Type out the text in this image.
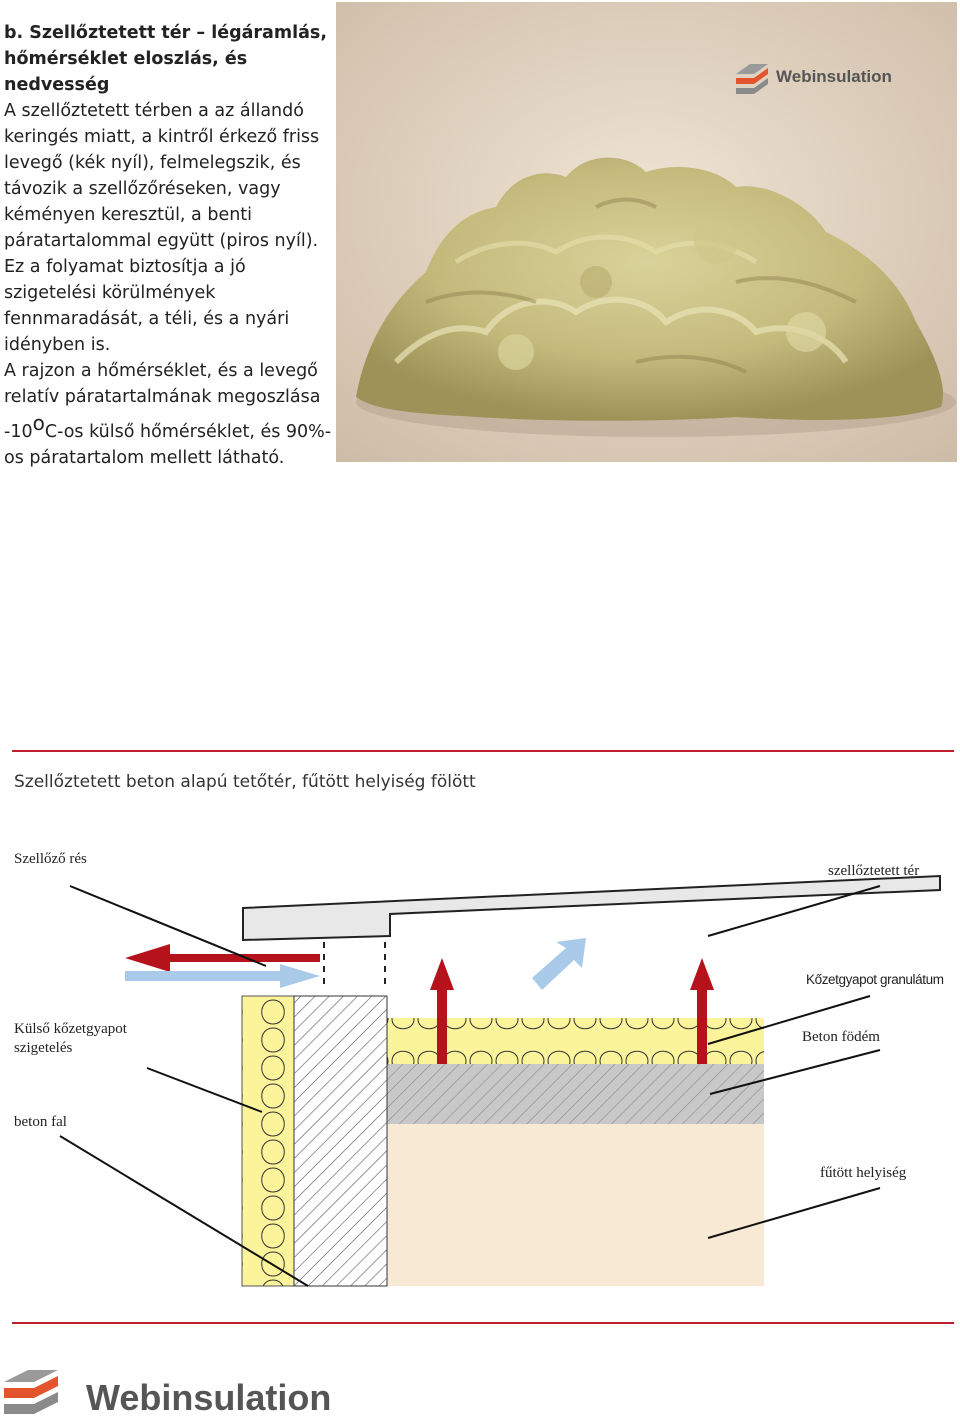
b. Szellőztetett tér – légáramlás, hőmérséklet eloszlás, és nedvesség

A szellőztetett térben a az állandó keringés miatt, a kintről érkező friss levegő (kék nyíl), felmelegszik, és távozik a szellőzőréseken, vagy kéményen keresztül, a benti páratartalommal együtt (piros nyíl). Ez a folyamat biztosítja a jó szigetelési körülmények fennmaradását, a téli, és a nyári idényben is.

A rajzon a hőmérséklet, és a levegő relatív páratartalmának megoszlása -10$^o$C-os külső hőmérséklet, és 90%-os páratartalom mellett látható.

Webinsulation
Szellőztetett beton alapú tetőtér, fűtött helyiség fölött
Szellőző rés
szellőztetett tér
Kőzetgyapot granulátum
Külső kőzetgyapot szigetelés
Beton födém
beton fal
fűtött helyiség
Webinsulation
